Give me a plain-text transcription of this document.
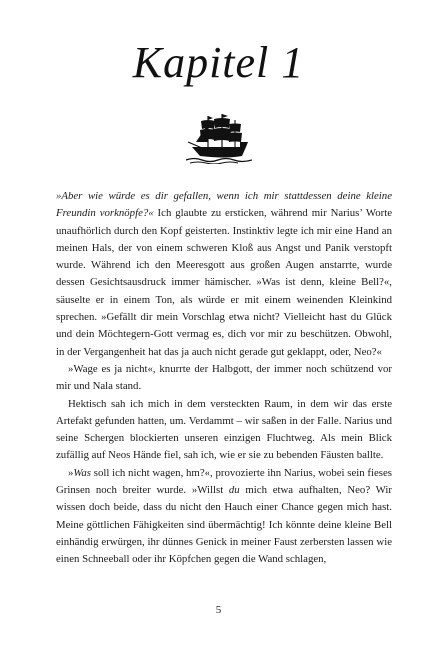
Kapitel 1

»Aber wie würde es dir gefallen, wenn ich mir stattdessen deine kleine Freundin vorknöpfe?« Ich glaubte zu ersticken, während mir Narius’ Worte unaufhörlich durch den Kopf geisterten. Instinktiv legte ich mir eine Hand an meinen Hals, der von einem schweren Kloß aus Angst und Panik verstopft wurde. Während ich den Meeresgott aus großen Augen anstarrte, wurde dessen Gesichtsausdruck immer hämischer. »Was ist denn, kleine Bell?«, säuselte er in einem Ton, als würde er mit einem weinenden Kleinkind sprechen. »Gefällt dir mein Vorschlag etwa nicht? Vielleicht hast du Glück und dein Möchtegern-Gott vermag es, dich vor mir zu beschützen. Obwohl, in der Vergangenheit hat das ja auch nicht gerade gut geklappt, oder, Neo?«

»Wage es ja nicht«, knurrte der Halbgott, der immer noch schützend vor mir und Nala stand.

Hektisch sah ich mich in dem versteckten Raum, in dem wir das erste Artefakt gefunden hatten, um. Verdammt – wir saßen in der Falle. Narius und seine Schergen blockierten unseren einzigen Fluchtweg. Als mein Blick zufällig auf Neos Hände fiel, sah ich, wie er sie zu bebenden Fäusten ballte.

»Was soll ich nicht wagen, hm?«, provozierte ihn Narius, wobei sein fieses Grinsen noch breiter wurde. »Willst du mich etwa aufhalten, Neo? Wir wissen doch beide, dass du nicht den Hauch einer Chance gegen mich hast. Meine göttlichen Fähigkeiten sind übermächtig! Ich könnte deine kleine Bell einhändig erwürgen, ihr dünnes Genick in meiner Faust zerbersten lassen wie einen Schneeball oder ihr Köpfchen gegen die Wand schlagen,

5
